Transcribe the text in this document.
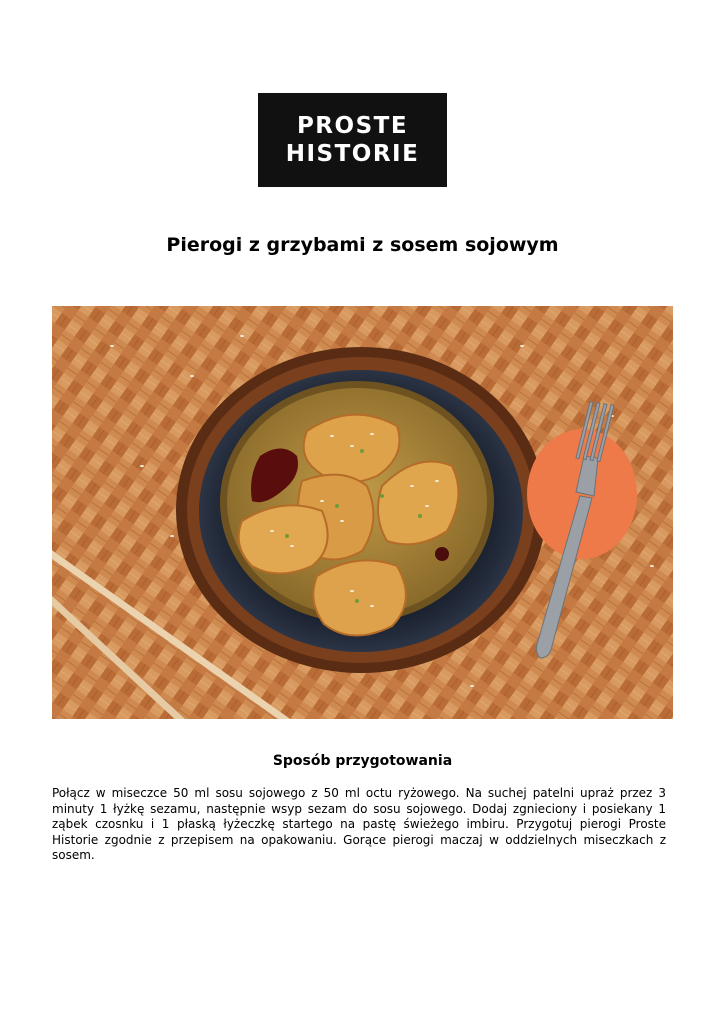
PROSTE
HISTORIE
Pierogi z grzybami z sosem sojowym
Sposób przygotowania

Połącz w miseczce 50 ml sosu sojowego z 50 ml octu ryżowego. Na suchej patelni upraż przez 3 minuty 1 łyżkę sezamu, następnie wsyp sezam do sosu sojowego. Dodaj zgnieciony i posiekany 1 ząbek czosnku i 1 płaską łyżeczkę startego na pastę świeżego imbiru. Przygotuj pierogi Proste Historie zgodnie z przepisem na opakowaniu. Gorące pierogi maczaj w oddzielnych miseczkach z sosem.
